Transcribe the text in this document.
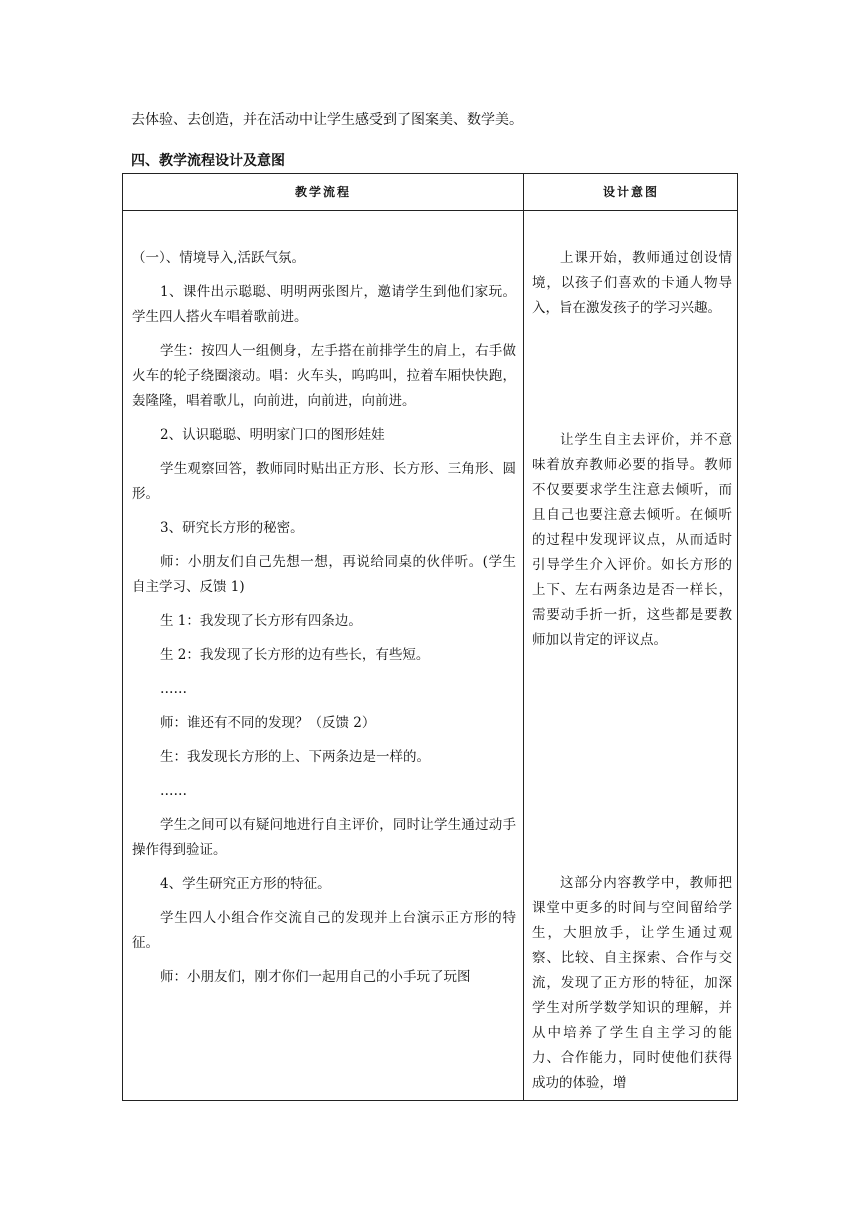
去体验、去创造，并在活动中让学生感受到了图案美、数学美。
四、教学流程设计及意图
教学流程	设计意图

（一）、情境导入,活跃气氛。

1、课件出示聪聪、明明两张图片，邀请学生到他们家玩。学生四人搭火车唱着歌前进。

学生：按四人一组侧身，左手搭在前排学生的肩上，右手做火车的轮子绕圈滚动。唱：火车头，呜呜叫，拉着车厢快快跑，轰隆隆，唱着歌儿，向前进，向前进，向前进。

2、认识聪聪、明明家门口的图形娃娃

学生观察回答，教师同时贴出正方形、长方形、三角形、圆形。

3、研究长方形的秘密。

师：小朋友们自己先想一想，再说给同桌的伙伴听。(学生自主学习、反馈 1)

生 1：我发现了长方形有四条边。

生 2：我发现了长方形的边有些长，有些短。

……

师：谁还有不同的发现？（反馈 2）

生：我发现长方形的上、下两条边是一样的。

……

学生之间可以有疑问地进行自主评价，同时让学生通过动手操作得到验证。

4、学生研究正方形的特征。

学生四人小组合作交流自己的发现并上台演示正方形的特征。

师：小朋友们，刚才你们一起用自己的小手玩了玩图

上课开始，教师通过创设情境，以孩子们喜欢的卡通人物导入，旨在激发孩子的学习兴趣。

让学生自主去评价，并不意味着放弃教师必要的指导。教师不仅要要求学生注意去倾听，而且自己也要注意去倾听。在倾听的过程中发现评议点，从而适时引导学生介入评价。如长方形的上下、左右两条边是否一样长，需要动手折一折，这些都是要教师加以肯定的评议点。

这部分内容教学中，教师把课堂中更多的时间与空间留给学生，大胆放手，让学生通过观察、比较、自主探索、合作与交流，发现了正方形的特征，加深学生对所学数学知识的理解，并从中培养了学生自主学习的能力、合作能力，同时使他们获得成功的体验，增
